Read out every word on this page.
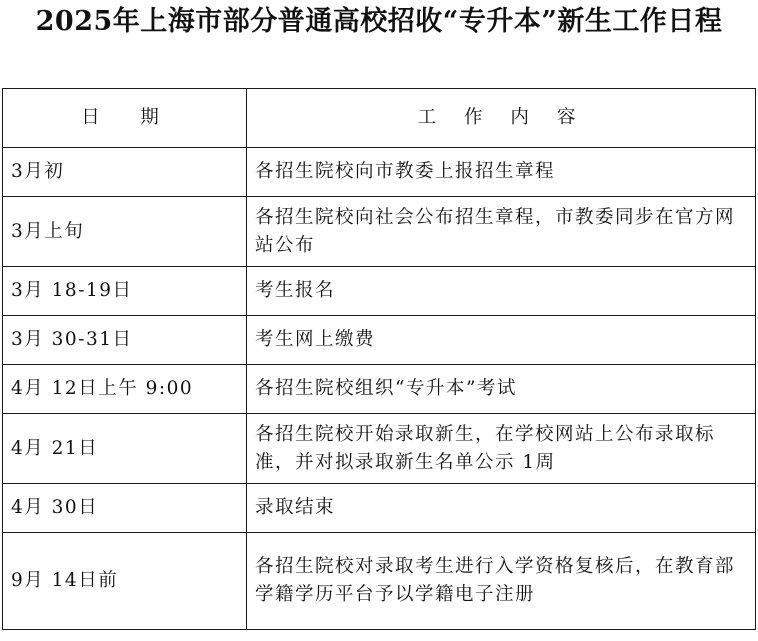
2025年上海市部分普通高校招收“专升本”新生工作日程
日　期	工 作 内 容
3月初	各招生院校向市教委上报招生章程
3月上旬	各招生院校向社会公布招生章程，市教委同步在官方网站公布
3月 18-19日	考生报名
3月 30-31日	考生网上缴费
4月 12日上午 9:00	各招生院校组织“专升本”考试
4月 21日	各招生院校开始录取新生，在学校网站上公布录取标准，并对拟录取新生名单公示 1周
4月 30日	录取结束
9月 14日前	各招生院校对录取考生进行入学资格复核后，在教育部学籍学历平台予以学籍电子注册
